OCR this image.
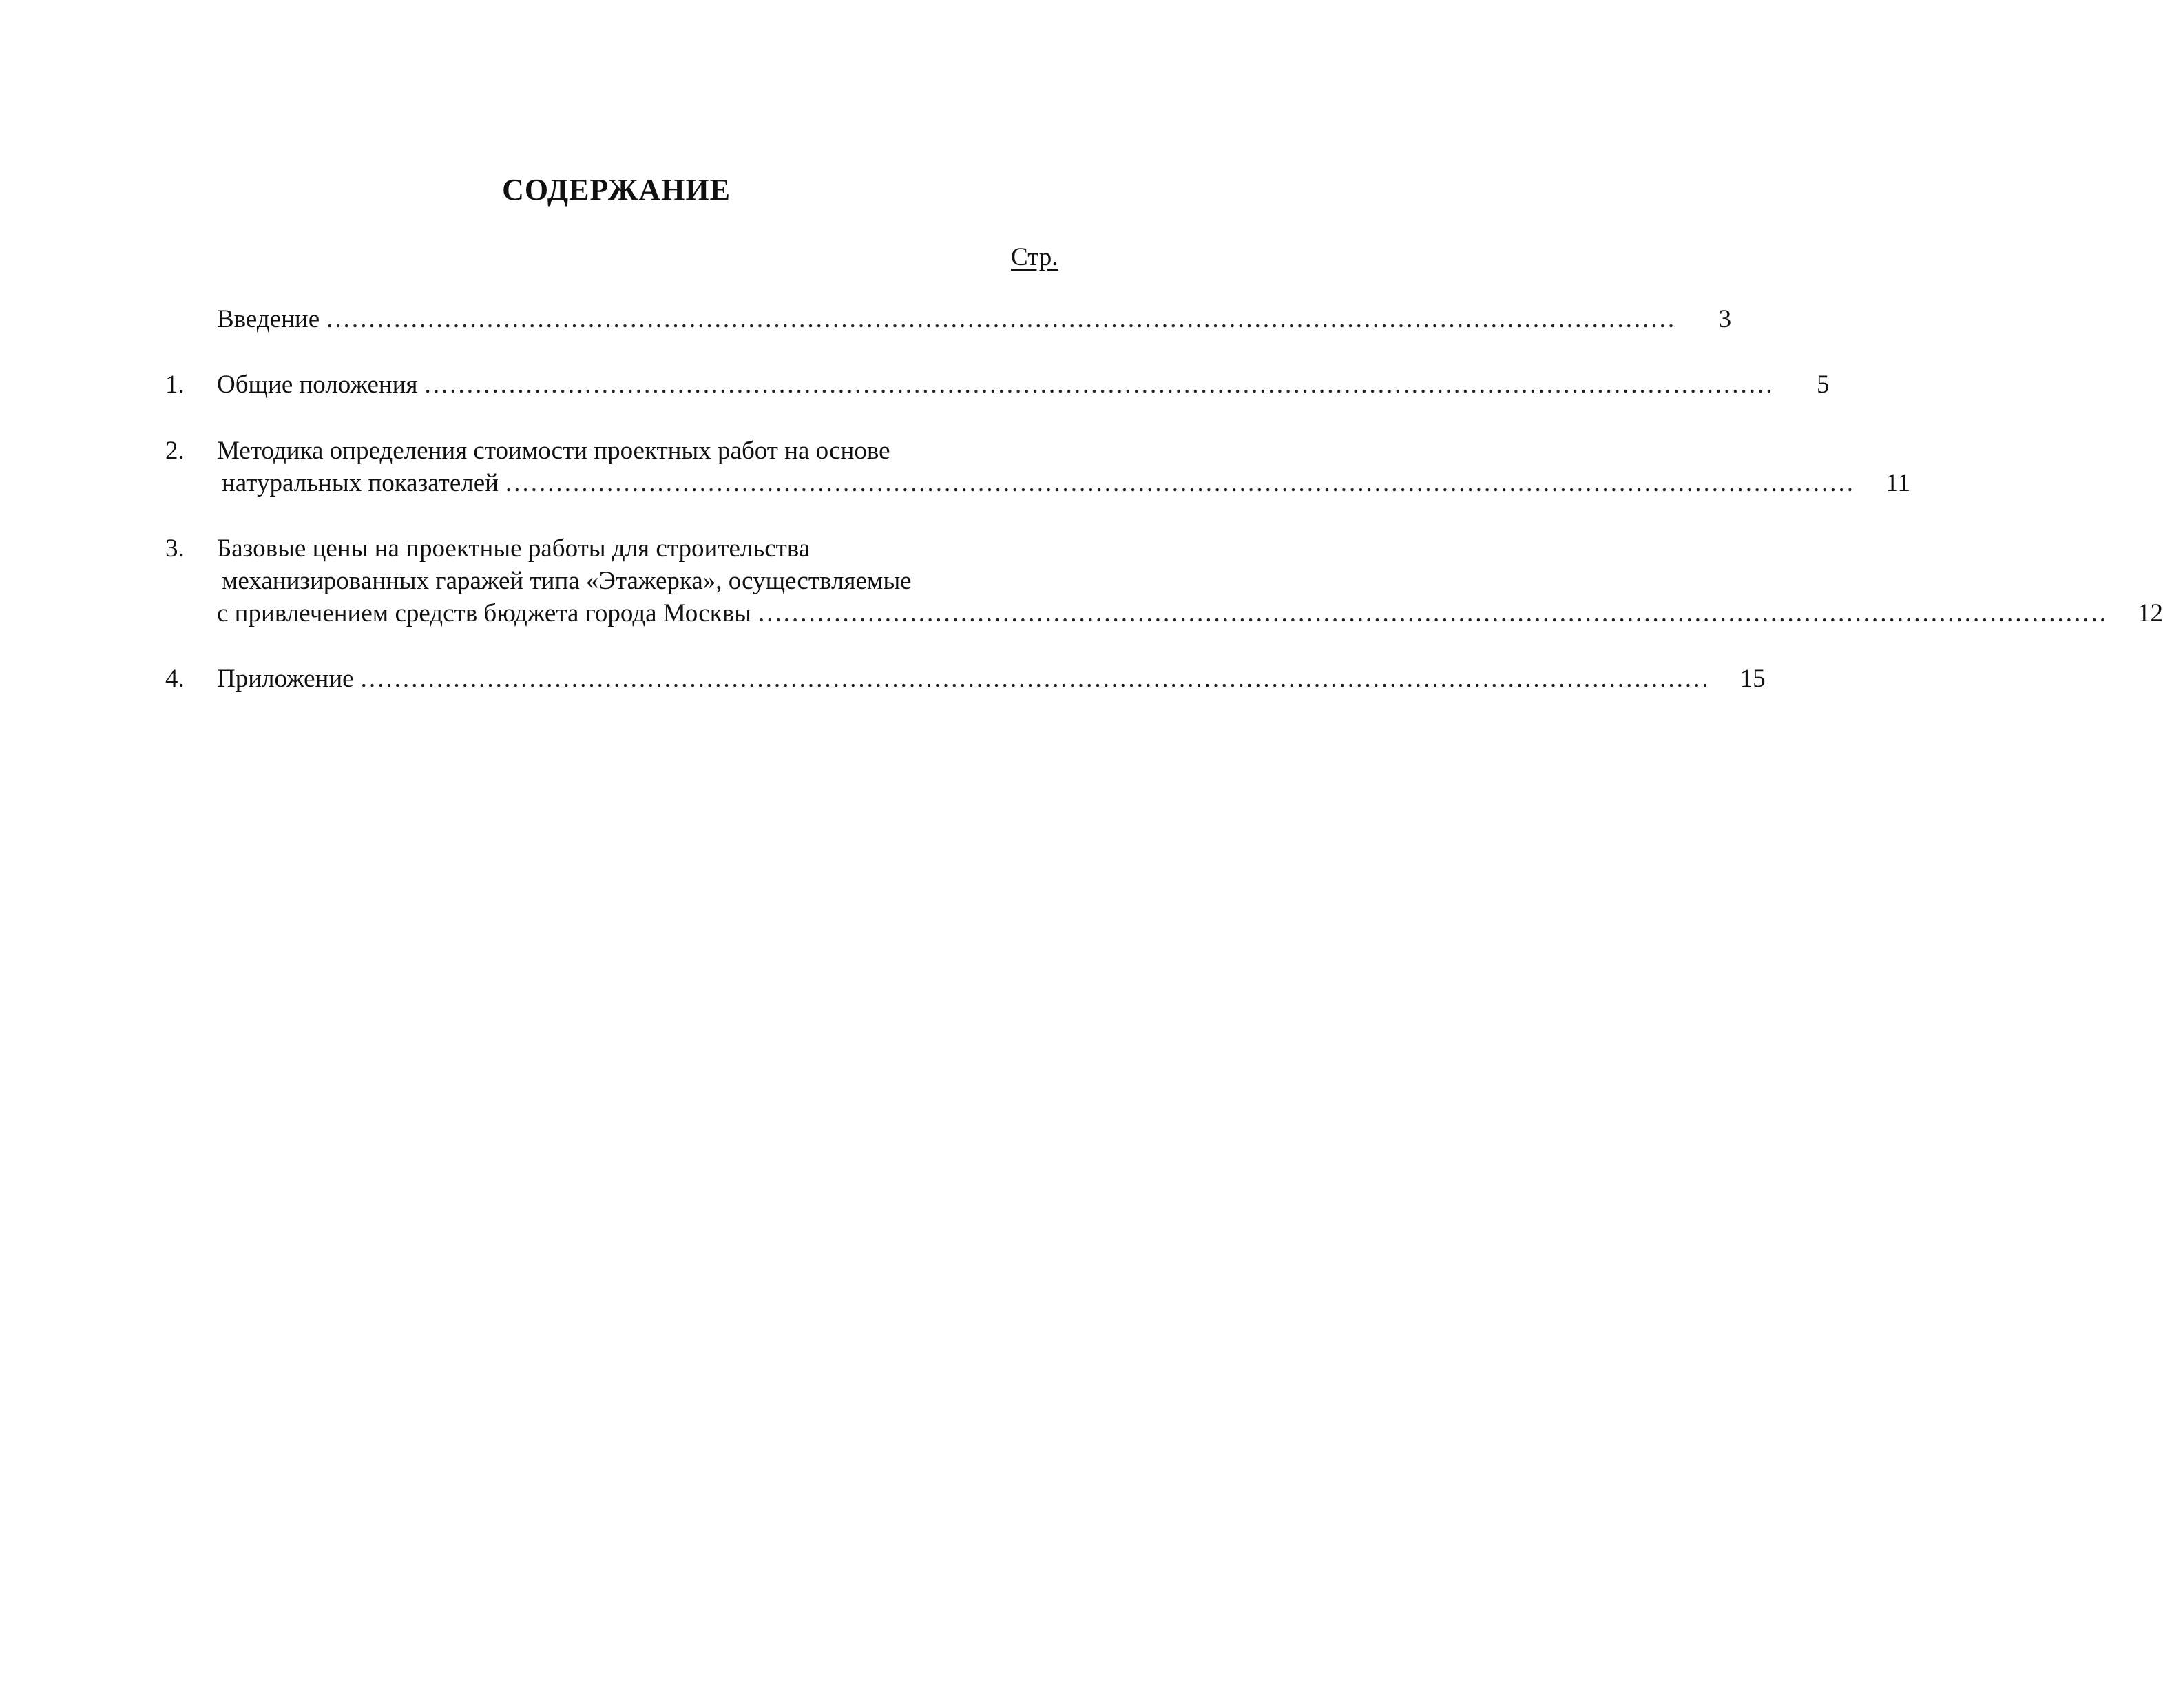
СОДЕРЖАНИЕ
Стр.
Введение ................................................................................................................................................................	3
1.	Общие положения ................................................................................................................................................................	5
2.	Методика определения стоимости проектных работ на основе
натуральных показателей ................................................................................................................................................................	11
3.	Базовые цены на проектные работы для строительства
механизированных гаражей типа «Этажерка», осуществляемые
с привлечением средств бюджета города Москвы ................................................................................................................................................................	12
4.	Приложение ................................................................................................................................................................	15
